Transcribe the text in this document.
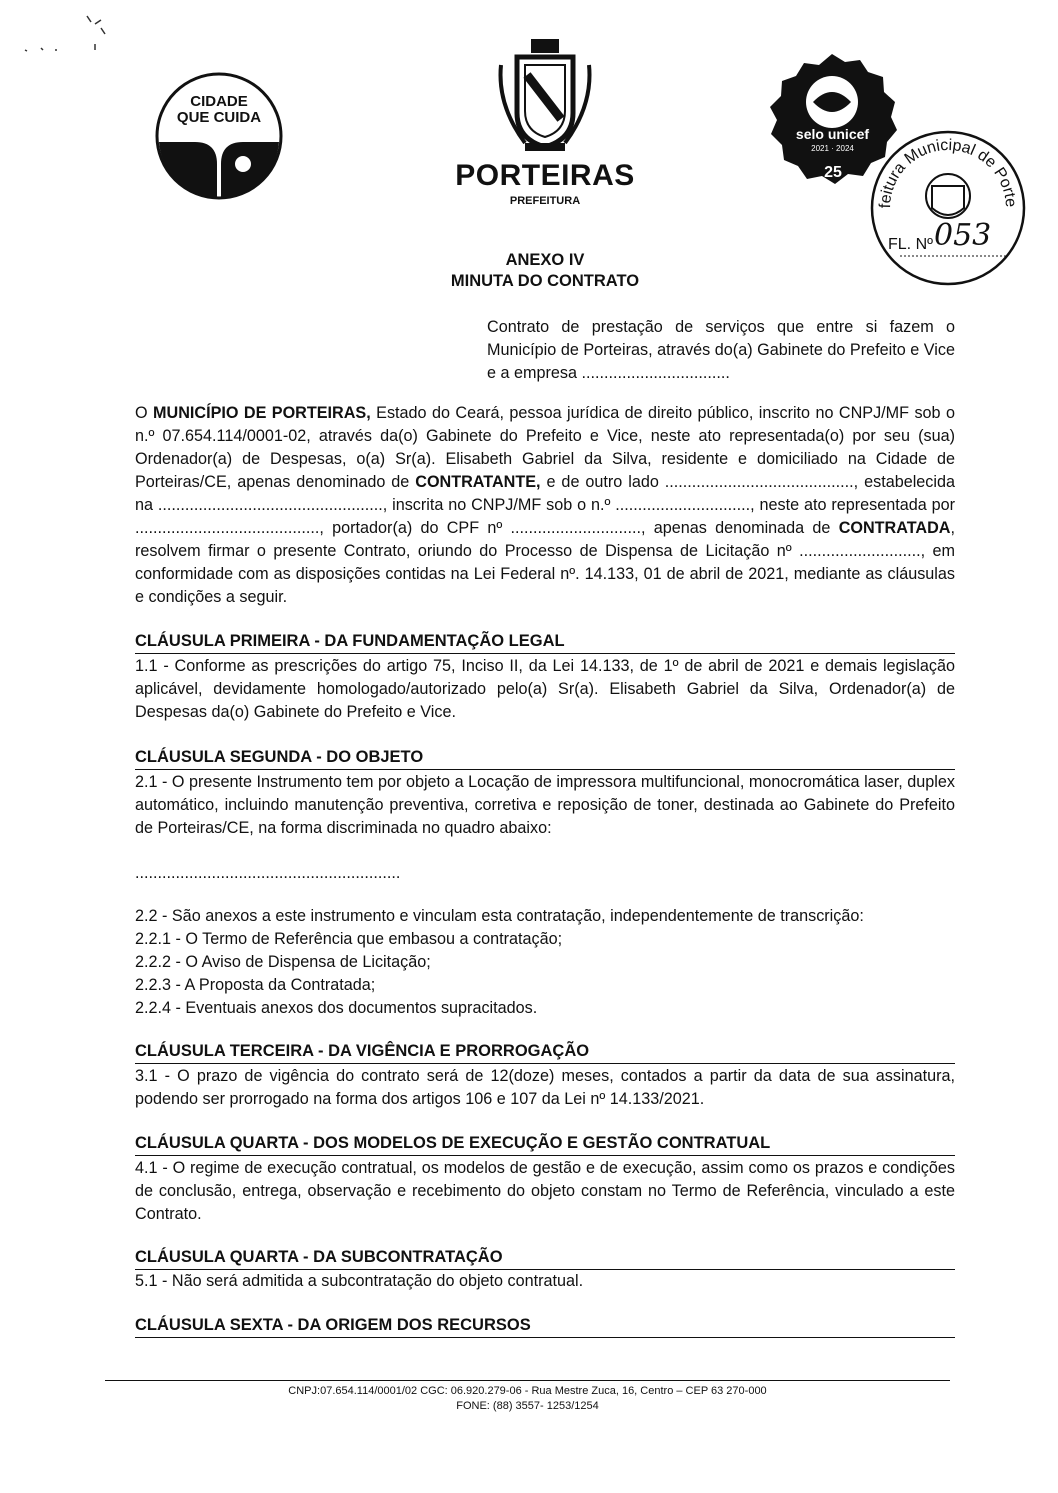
CIDADE
QUE CUIDA
PORTEIRAS
PREFEITURA
selo unicef
2021 · 2024
25
feitura Municipal de Porte
FL. Nº 053
ANEXO IV
MINUTA DO CONTRATO
Contrato de prestação de serviços que entre si fazem o
Município de Porteiras, através do(a) Gabinete do Prefeito e Vice
e a empresa .................................
O MUNICÍPIO DE PORTEIRAS, Estado do Ceará, pessoa jurídica de direito público, inscrito no CNPJ/MF sob o n.º 07.654.114/0001-02, através da(o) Gabinete do Prefeito e Vice, neste ato representada(o) por seu (sua) Ordenador(a) de Despesas, o(a) Sr(a). Elisabeth Gabriel da Silva, residente e domiciliado na Cidade de Porteiras/CE, apenas denominado de CONTRATANTE, e de outro lado .........................................., estabelecida na .................................................., inscrita no CNPJ/MF sob o n.º .............................., neste ato representada por ........................................., portador(a) do CPF nº ............................., apenas denominada de CONTRATADA, resolvem firmar o presente Contrato, oriundo do Processo de Dispensa de Licitação nº ..........................., em conformidade com as disposições contidas na Lei Federal nº. 14.133, 01 de abril de 2021, mediante as cláusulas e condições a seguir.
CLÁUSULA PRIMEIRA - DA FUNDAMENTAÇÃO LEGAL
1.1 - Conforme as prescrições do artigo 75, Inciso II, da Lei 14.133, de 1º de abril de 2021 e demais legislação aplicável, devidamente homologado/autorizado pelo(a) Sr(a). Elisabeth Gabriel da Silva, Ordenador(a) de Despesas da(o) Gabinete do Prefeito e Vice.
CLÁUSULA SEGUNDA - DO OBJETO
2.1 - O presente Instrumento tem por objeto a Locação de impressora multifuncional, monocromática laser, duplex automático, incluindo manutenção preventiva, corretiva e reposição de toner, destinada ao Gabinete do Prefeito de Porteiras/CE, na forma discriminada no quadro abaixo:
...........................................................
2.2 - São anexos a este instrumento e vinculam esta contratação, independentemente de transcrição:
2.2.1 - O Termo de Referência que embasou a contratação;
2.2.2 - O Aviso de Dispensa de Licitação;
2.2.3 - A Proposta da Contratada;
2.2.4 - Eventuais anexos dos documentos supracitados.
CLÁUSULA TERCEIRA - DA VIGÊNCIA E PRORROGAÇÃO
3.1 - O prazo de vigência do contrato será de 12(doze) meses, contados a partir da data de sua assinatura, podendo ser prorrogado na forma dos artigos 106 e 107 da Lei nº 14.133/2021.
CLÁUSULA QUARTA - DOS MODELOS DE EXECUÇÃO E GESTÃO CONTRATUAL
4.1 - O regime de execução contratual, os modelos de gestão e de execução, assim como os prazos e condições de conclusão, entrega, observação e recebimento do objeto constam no Termo de Referência, vinculado a este Contrato.
CLÁUSULA QUARTA - DA SUBCONTRATAÇÃO
5.1 - Não será admitida a subcontratação do objeto contratual.
CLÁUSULA SEXTA - DA ORIGEM DOS RECURSOS
CNPJ:07.654.114/0001/02 CGC: 06.920.279-06 - Rua Mestre Zuca, 16, Centro – CEP 63 270-000
FONE: (88) 3557- 1253/1254
